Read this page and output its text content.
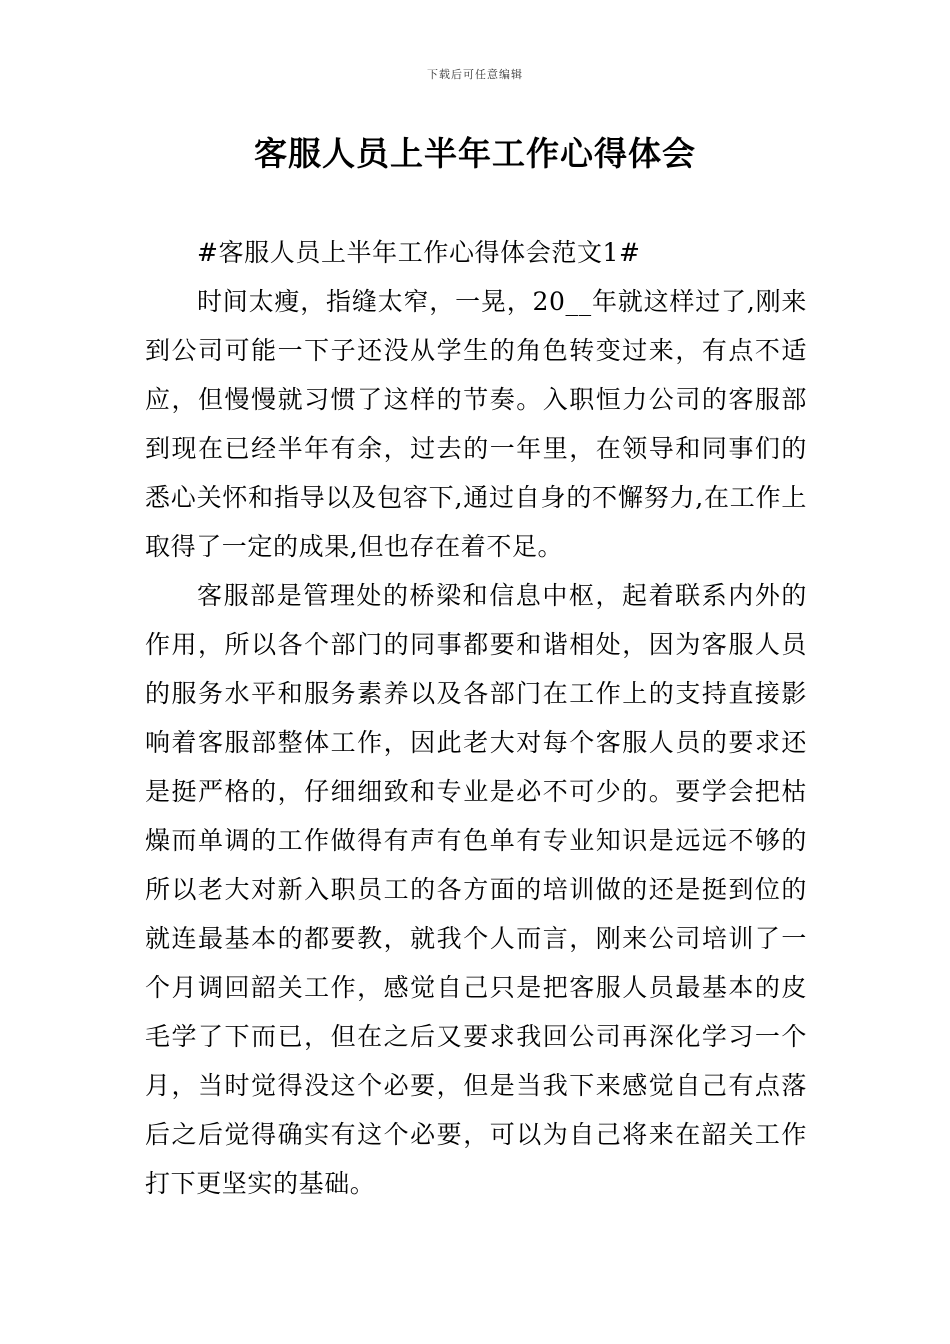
下载后可任意编辑
客服人员上半年工作心得体会

#客服人员上半年工作心得体会范文1#

时间太瘦，指缝太窄，一晃，20__年就这样过了,刚来到公司可能一下子还没从学生的角色转变过来，有点不适应，但慢慢就习惯了这样的节奏。入职恒力公司的客服部到现在已经半年有余，过去的一年里，在领导和同事们的悉心关怀和指导以及包容下,通过自身的不懈努力,在工作上取得了一定的成果,但也存在着不足。

客服部是管理处的桥梁和信息中枢，起着联系内外的作用，所以各个部门的同事都要和谐相处，因为客服人员的服务水平和服务素养以及各部门在工作上的支持直接影响着客服部整体工作，因此老大对每个客服人员的要求还是挺严格的，仔细细致和专业是必不可少的。要学会把枯燥而单调的工作做得有声有色单有专业知识是远远不够的所以老大对新入职员工的各方面的培训做的还是挺到位的就连最基本的都要教，就我个人而言，刚来公司培训了一个月调回韶关工作，感觉自己只是把客服人员最基本的皮毛学了下而已，但在之后又要求我回公司再深化学习一个月，当时觉得没这个必要，但是当我下来感觉自己有点落后之后觉得确实有这个必要，可以为自己将来在韶关工作打下更坚实的基础。
